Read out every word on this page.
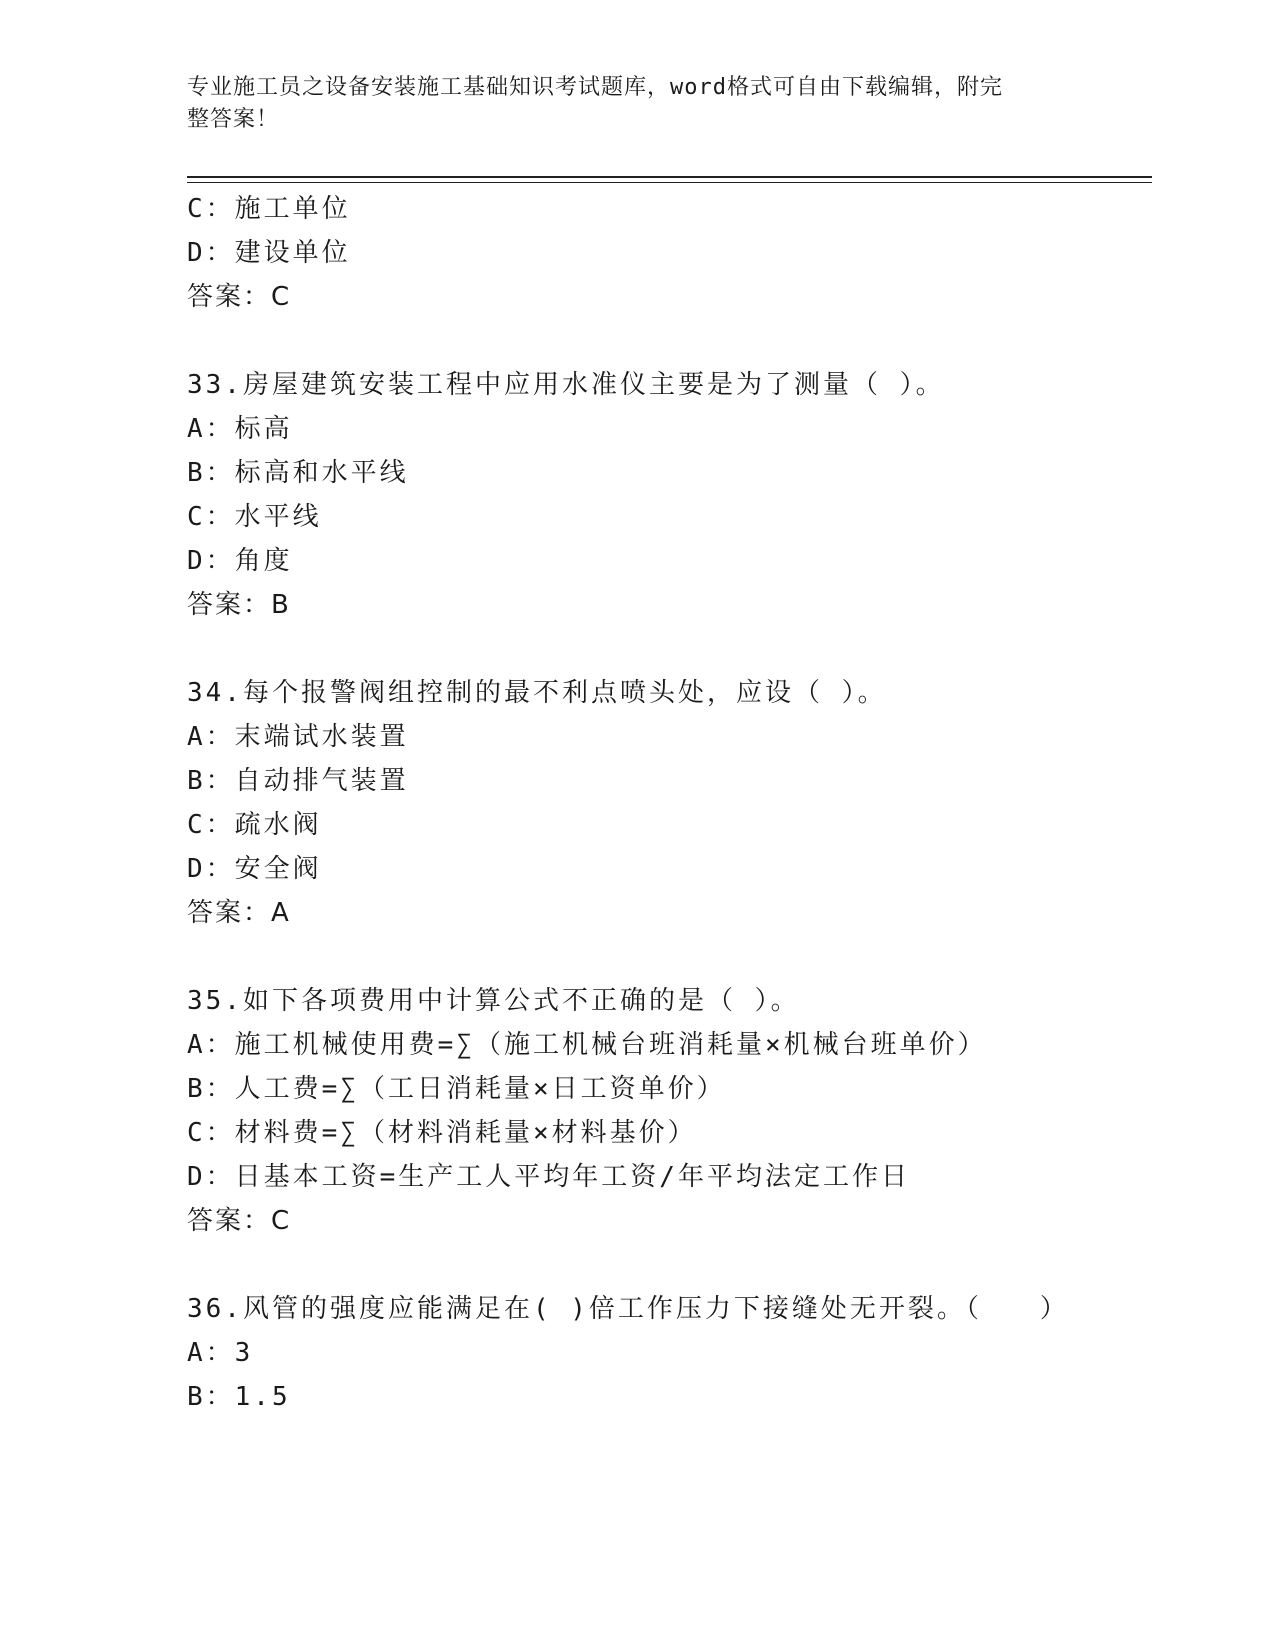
专业施工员之设备安装施工基础知识考试题库，word格式可自由下载编辑，附完
整答案！
C：施工单位
D：建设单位
答案：C
33.房屋建筑安装工程中应用水准仪主要是为了测量（ ）。
A：标高
B：标高和水平线
C：水平线
D：角度
答案：B
34.每个报警阀组控制的最不利点喷头处，应设（ ）。
A：末端试水装置
B：自动排气装置
C：疏水阀
D：安全阀
答案：A
35.如下各项费用中计算公式不正确的是（ ）。
A：施工机械使用费=∑（施工机械台班消耗量×机械台班单价）
B：人工费=∑（工日消耗量×日工资单价）
C：材料费=∑（材料消耗量×材料基价）
D：日基本工资=生产工人平均年工资/年平均法定工作日
答案：C
36.风管的强度应能满足在( )倍工作压力下接缝处无开裂。（　　）
A：3
B：1.5
